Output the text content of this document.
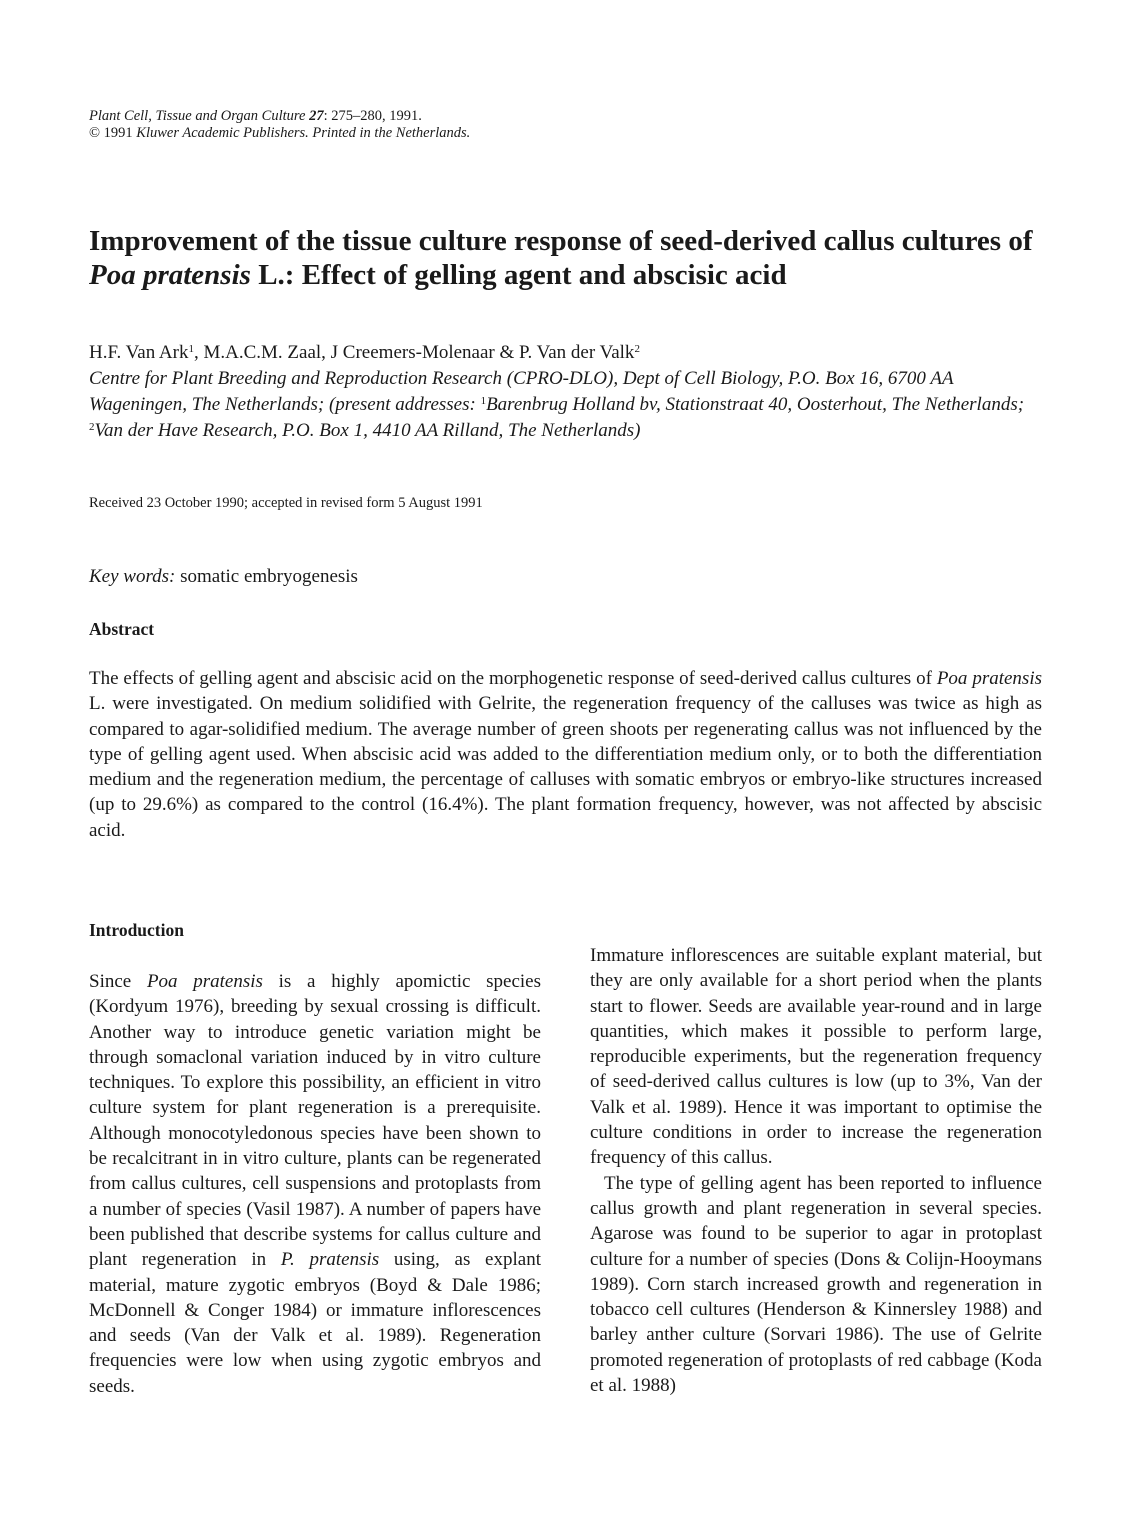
Plant Cell, Tissue and Organ Culture 27: 275–280, 1991.
© 1991 Kluwer Academic Publishers. Printed in the Netherlands.
Improvement of the tissue culture response of seed-derived callus cultures of Poa pratensis L.: Effect of gelling agent and abscisic acid
H.F. Van Ark$^1$, M.A.C.M. Zaal, J Creemers-Molenaar & P. Van der Valk$^2$
Centre for Plant Breeding and Reproduction Research (CPRO-DLO), Dept of Cell Biology, P.O. Box 16, 6700 AA Wageningen, The Netherlands; (present addresses: $^1$Barenbrug Holland bv, Stationstraat 40, Oosterhout, The Netherlands; $^2$Van der Have Research, P.O. Box 1, 4410 AA Rilland, The Netherlands)
Received 23 October 1990; accepted in revised form 5 August 1991
Key words: somatic embryogenesis
Abstract
The effects of gelling agent and abscisic acid on the morphogenetic response of seed-derived callus cultures of Poa pratensis L. were investigated. On medium solidified with Gelrite, the regeneration frequency of the calluses was twice as high as compared to agar-solidified medium. The average number of green shoots per regenerating callus was not influenced by the type of gelling agent used. When abscisic acid was added to the differentiation medium only, or to both the differentiation medium and the regeneration medium, the percentage of calluses with somatic embryos or embryo-like structures increased (up to 29.6%) as compared to the control (16.4%). The plant formation frequency, however, was not affected by abscisic acid.
Introduction

Since Poa pratensis is a highly apomictic species (Kordyum 1976), breeding by sexual crossing is difficult. Another way to introduce genetic variation might be through somaclonal variation induced by in vitro culture techniques. To explore this possibility, an efficient in vitro culture system for plant regeneration is a prerequisite. Although monocotyledonous species have been shown to be recalcitrant in in vitro culture, plants can be regenerated from callus cultures, cell suspensions and protoplasts from a number of species (Vasil 1987). A number of papers have been published that describe systems for callus culture and plant regeneration in P. pratensis using, as explant material, mature zygotic embryos (Boyd & Dale 1986; McDonnell & Conger 1984) or immature inflorescences and seeds (Van der Valk et al. 1989). Regeneration frequencies were low when using zygotic embryos and seeds.

Immature inflorescences are suitable explant material, but they are only available for a short period when the plants start to flower. Seeds are available year-round and in large quantities, which makes it possible to perform large, reproducible experiments, but the regeneration frequency of seed-derived callus cultures is low (up to 3%, Van der Valk et al. 1989). Hence it was important to optimise the culture conditions in order to increase the regeneration frequency of this callus.

The type of gelling agent has been reported to influence callus growth and plant regeneration in several species. Agarose was found to be superior to agar in protoplast culture for a number of species (Dons & Colijn-Hooymans 1989). Corn starch increased growth and regeneration in tobacco cell cultures (Henderson & Kinnersley 1988) and barley anther culture (Sorvari 1986). The use of Gelrite promoted regeneration of protoplasts of red cabbage (Koda et al. 1988)
